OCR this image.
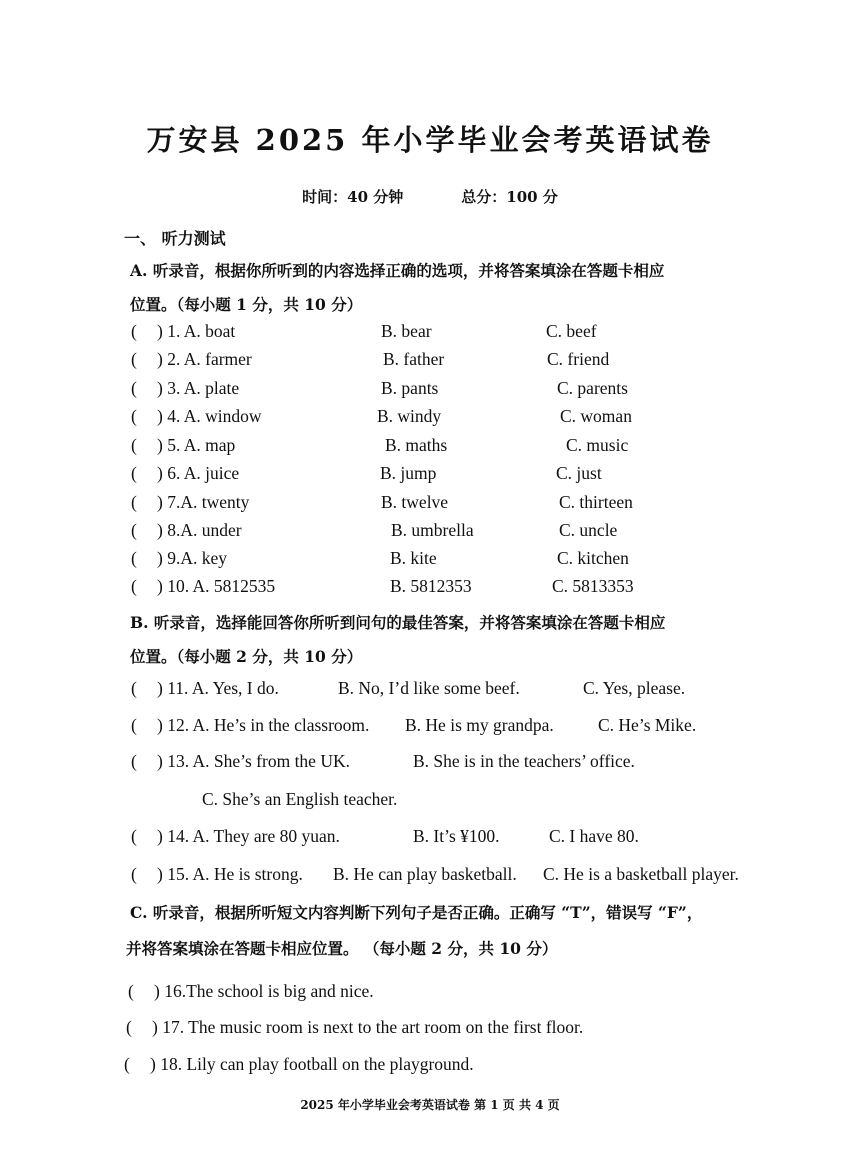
万安县 2025 年小学毕业会考英语试卷
时间：40 分钟	总分：100 分
一、 听力测试
A. 听录音，根据你所听到的内容选择正确的选项，并将答案填涂在答题卡相应
位置。（每小题 1 分，共 10 分）
( ) 1. A. boat	B. bear	C. beef
( ) 2. A. farmer	B. father	C. friend
( ) 3. A. plate	B. pants	C. parents
( ) 4. A. window	B. windy	C. woman
( ) 5. A. map	B. maths	C. music
( ) 6. A. juice	B. jump	C. just
( ) 7.A. twenty	B. twelve	C. thirteen
( ) 8.A. under	B. umbrella	C. uncle
( ) 9.A. key	B. kite	C. kitchen
( ) 10. A. 5812535	B. 5812353	C. 5813353
B. 听录音，选择能回答你所听到问句的最佳答案，并将答案填涂在答题卡相应
位置。（每小题 2 分，共 10 分）
( ) 11. A. Yes, I do.	B. No, I’d like some beef.	C. Yes, please.
( ) 12. A. He’s in the classroom. B. He is my grandpa.	C. He’s Mike.
( ) 13. A. She’s from the UK.	B. She is in the teachers’ office.
C. She’s an English teacher.
( ) 14. A. They are 80 yuan.	B. It’s ¥100.	C. I have 80.
( ) 15. A. He is strong. B. He can play basketball. C. He is a basketball player.
C. 听录音，根据所听短文内容判断下列句子是否正确。正确写 “T”，错误写 “F”，
并将答案填涂在答题卡相应位置。 （每小题 2 分，共 10 分）
( ) 16.The school is big and nice.
( ) 17. The music room is next to the art room on the first floor.
( ) 18. Lily can play football on the playground.
2025 年小学毕业会考英语试卷 第 1 页 共 4 页
